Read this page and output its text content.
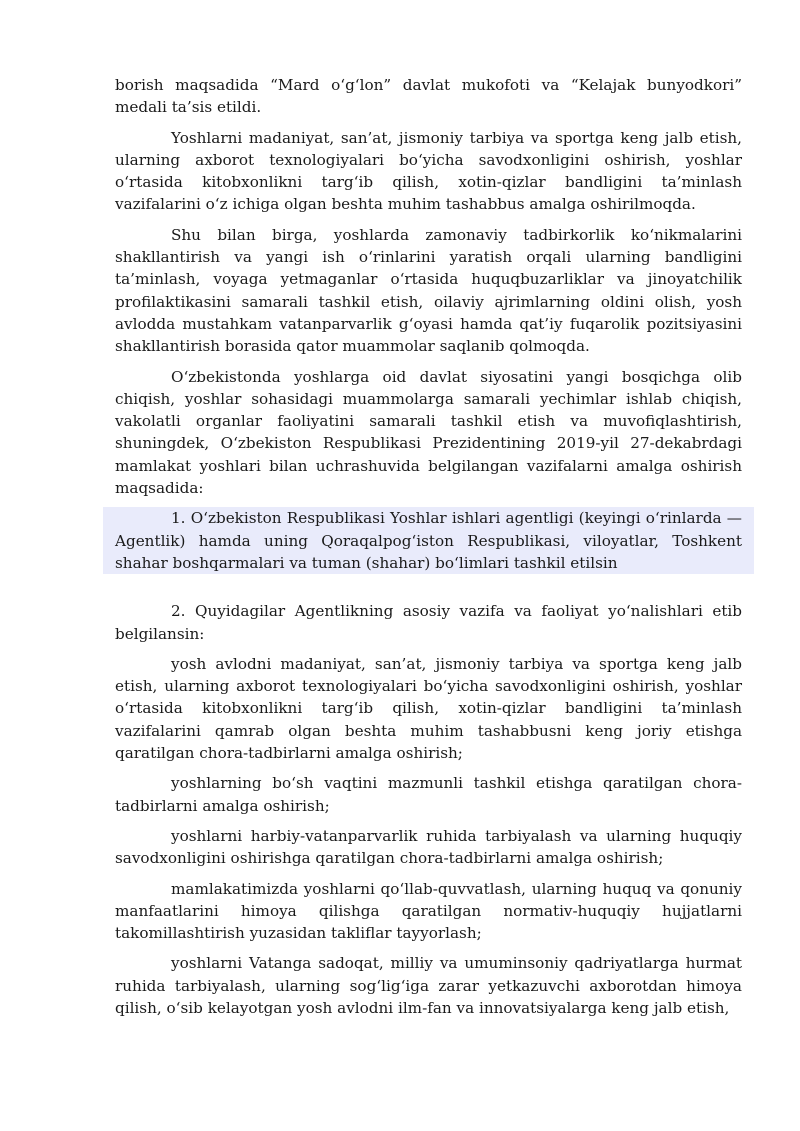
borish maqsadida “Mard o‘g‘lon” davlat mukofoti va “Kelajak bunyodkori” medali ta’sis etildi.

Yoshlarni madaniyat, san’at, jismoniy tarbiya va sportga keng jalb etish, ularning axborot texnologiyalari bo‘yicha savodxonligini oshirish, yoshlar o‘rtasida kitobxonlikni targ‘ib qilish, xotin-qizlar bandligini ta’minlash vazifalarini o‘z ichiga olgan beshta muhim tashabbus amalga oshirilmoqda.

Shu bilan birga, yoshlarda zamonaviy tadbirkorlik ko‘nikmalarini shakllantirish va yangi ish o‘rinlarini yaratish orqali ularning bandligini ta’minlash, voyaga yetmaganlar o‘rtasida huquqbuzarliklar va jinoyatchilik profilaktikasini samarali tashkil etish, oilaviy ajrimlarning oldini olish, yosh avlodda mustahkam vatanparvarlik g‘oyasi hamda qat’iy fuqarolik pozitsiyasini shakllantirish borasida qator muammolar saqlanib qolmoqda.

O‘zbekistonda yoshlarga oid davlat siyosatini yangi bosqichga olib chiqish, yoshlar sohasidagi muammolarga samarali yechimlar ishlab chiqish, vakolatli organlar faoliyatini samarali tashkil etish va muvofiqlashtirish, shuningdek, O‘zbekiston Respublikasi Prezidentining 2019-yil 27-dekabrdagi mamlakat yoshlari bilan uchrashuvida belgilangan vazifalarni amalga oshirish maqsadida:

1. O‘zbekiston Respublikasi Yoshlar ishlari agentligi (keyingi o‘rinlarda — Agentlik) hamda uning Qoraqalpog‘iston Respublikasi, viloyatlar, Toshkent shahar boshqarmalari va tuman (shahar) bo‘limlari tashkil etilsin

2. Quyidagilar Agentlikning asosiy vazifa va faoliyat yo‘nalishlari etib belgilansin:

yosh avlodni madaniyat, san’at, jismoniy tarbiya va sportga keng jalb etish, ularning axborot texnologiyalari bo‘yicha savodxonligini oshirish, yoshlar o‘rtasida kitobxonlikni targ‘ib qilish, xotin-qizlar bandligini ta’minlash vazifalarini qamrab olgan beshta muhim tashabbusni keng joriy etishga qaratilgan chora-tadbirlarni amalga oshirish;

yoshlarning bo‘sh vaqtini mazmunli tashkil etishga qaratilgan chora-tadbirlarni amalga oshirish;

yoshlarni harbiy-vatanparvarlik ruhida tarbiyalash va ularning huquqiy savodxonligini oshirishga qaratilgan chora-tadbirlarni amalga oshirish;

mamlakatimizda yoshlarni qo‘llab-quvvatlash, ularning huquq va qonuniy manfaatlarini himoya qilishga qaratilgan normativ-huquqiy hujjatlarni takomillashtirish yuzasidan takliflar tayyorlash;

yoshlarni Vatanga sadoqat, milliy va umuminsoniy qadriyatlarga hurmat ruhida tarbiyalash, ularning sog‘lig‘iga zarar yetkazuvchi axborotdan himoya qilish, o‘sib kelayotgan yosh avlodni ilm-fan va innovatsiyalarga keng jalb etish,
